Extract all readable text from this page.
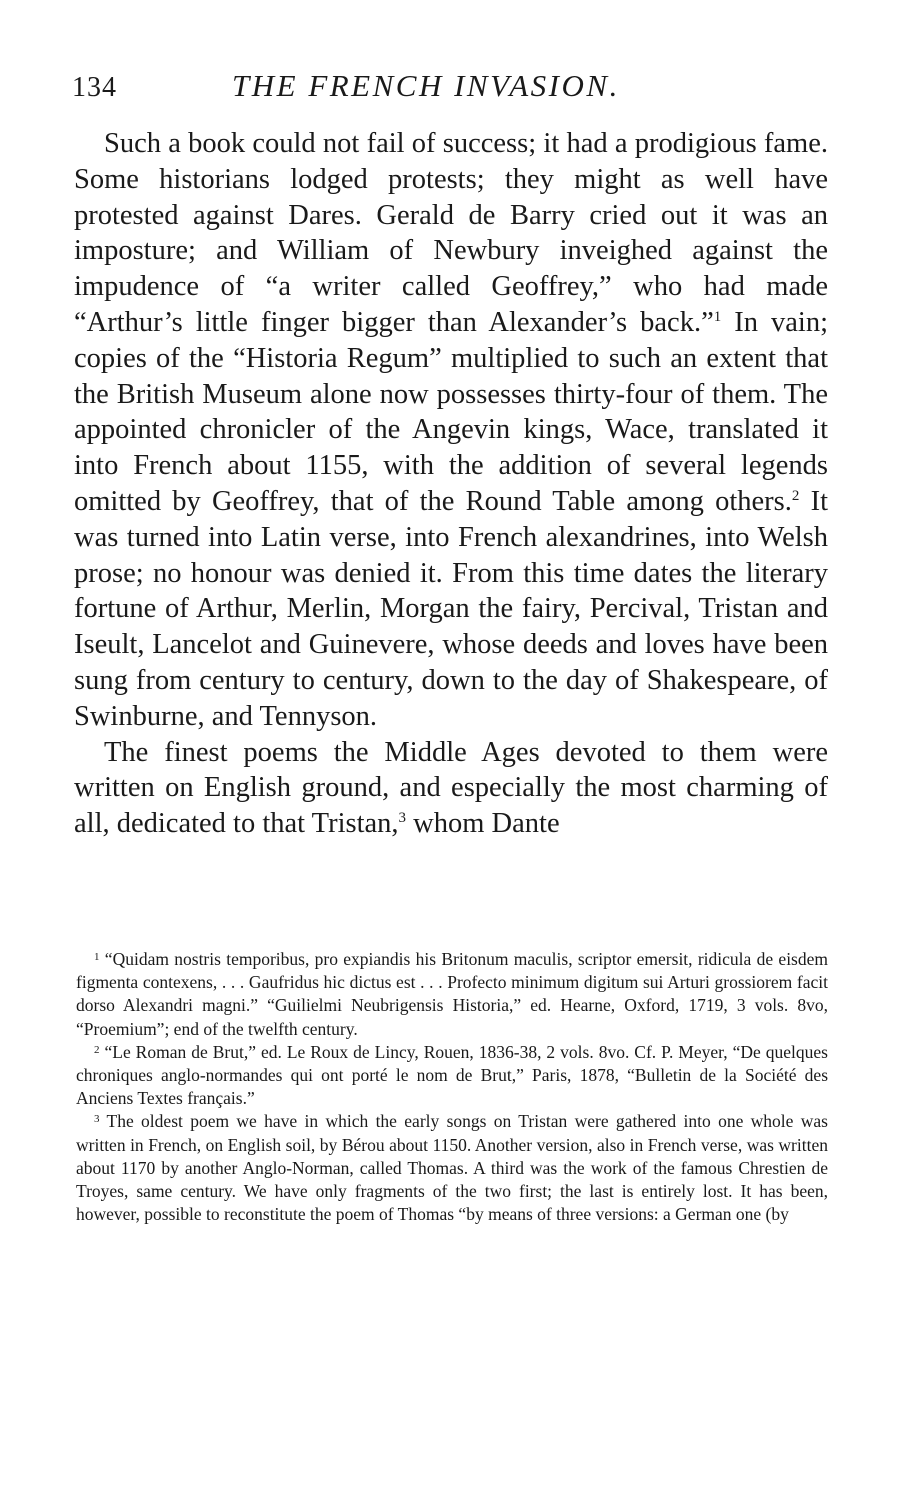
134	THE FRENCH INVASION.

Such a book could not fail of success; it had a prodigious fame. Some historians lodged protests; they might as well have protested against Dares. Gerald de Barry cried out it was an imposture; and William of Newbury inveighed against the impudence of “a writer called Geoffrey,” who had made “Arthur’s little finger bigger than Alexander’s back.”$^1$ In vain; copies of the “Historia Regum” multiplied to such an extent that the British Museum alone now possesses thirty-four of them. The appointed chronicler of the Angevin kings, Wace, translated it into French about 1155, with the addition of several legends omitted by Geoffrey, that of the Round Table among others.$^2$ It was turned into Latin verse, into French alexandrines, into Welsh prose; no honour was denied it. From this time dates the literary fortune of Arthur, Merlin, Morgan the fairy, Percival, Tristan and Iseult, Lancelot and Guinevere, whose deeds and loves have been sung from century to century, down to the day of Shakespeare, of Swinburne, and Tennyson.

The finest poems the Middle Ages devoted to them were written on English ground, and especially the most charming of all, dedicated to that Tristan,$^3$ whom Dante

$^1$ “Quidam nostris temporibus, pro expiandis his Britonum maculis, scriptor emersit, ridicula de eisdem figmenta contexens, . . . Gaufridus hic dictus est . . . Profecto minimum digitum sui Arturi grossiorem facit dorso Alexandri magni.” “Guilielmi Neubrigensis Historia,” ed. Hearne, Oxford, 1719, 3 vols. 8vo, “Proemium”; end of the twelfth century.

$^2$ “Le Roman de Brut,” ed. Le Roux de Lincy, Rouen, 1836-38, 2 vols. 8vo. Cf. P. Meyer, “De quelques chroniques anglo-normandes qui ont porté le nom de Brut,” Paris, 1878, “Bulletin de la Société des Anciens Textes français.”

$^3$ The oldest poem we have in which the early songs on Tristan were gathered into one whole was written in French, on English soil, by Bérou about 1150. Another version, also in French verse, was written about 1170 by another Anglo-Norman, called Thomas. A third was the work of the famous Chrestien de Troyes, same century. We have only fragments of the two first; the last is entirely lost. It has been, however, possible to reconstitute the poem of Thomas “by means of three versions: a German one (by
